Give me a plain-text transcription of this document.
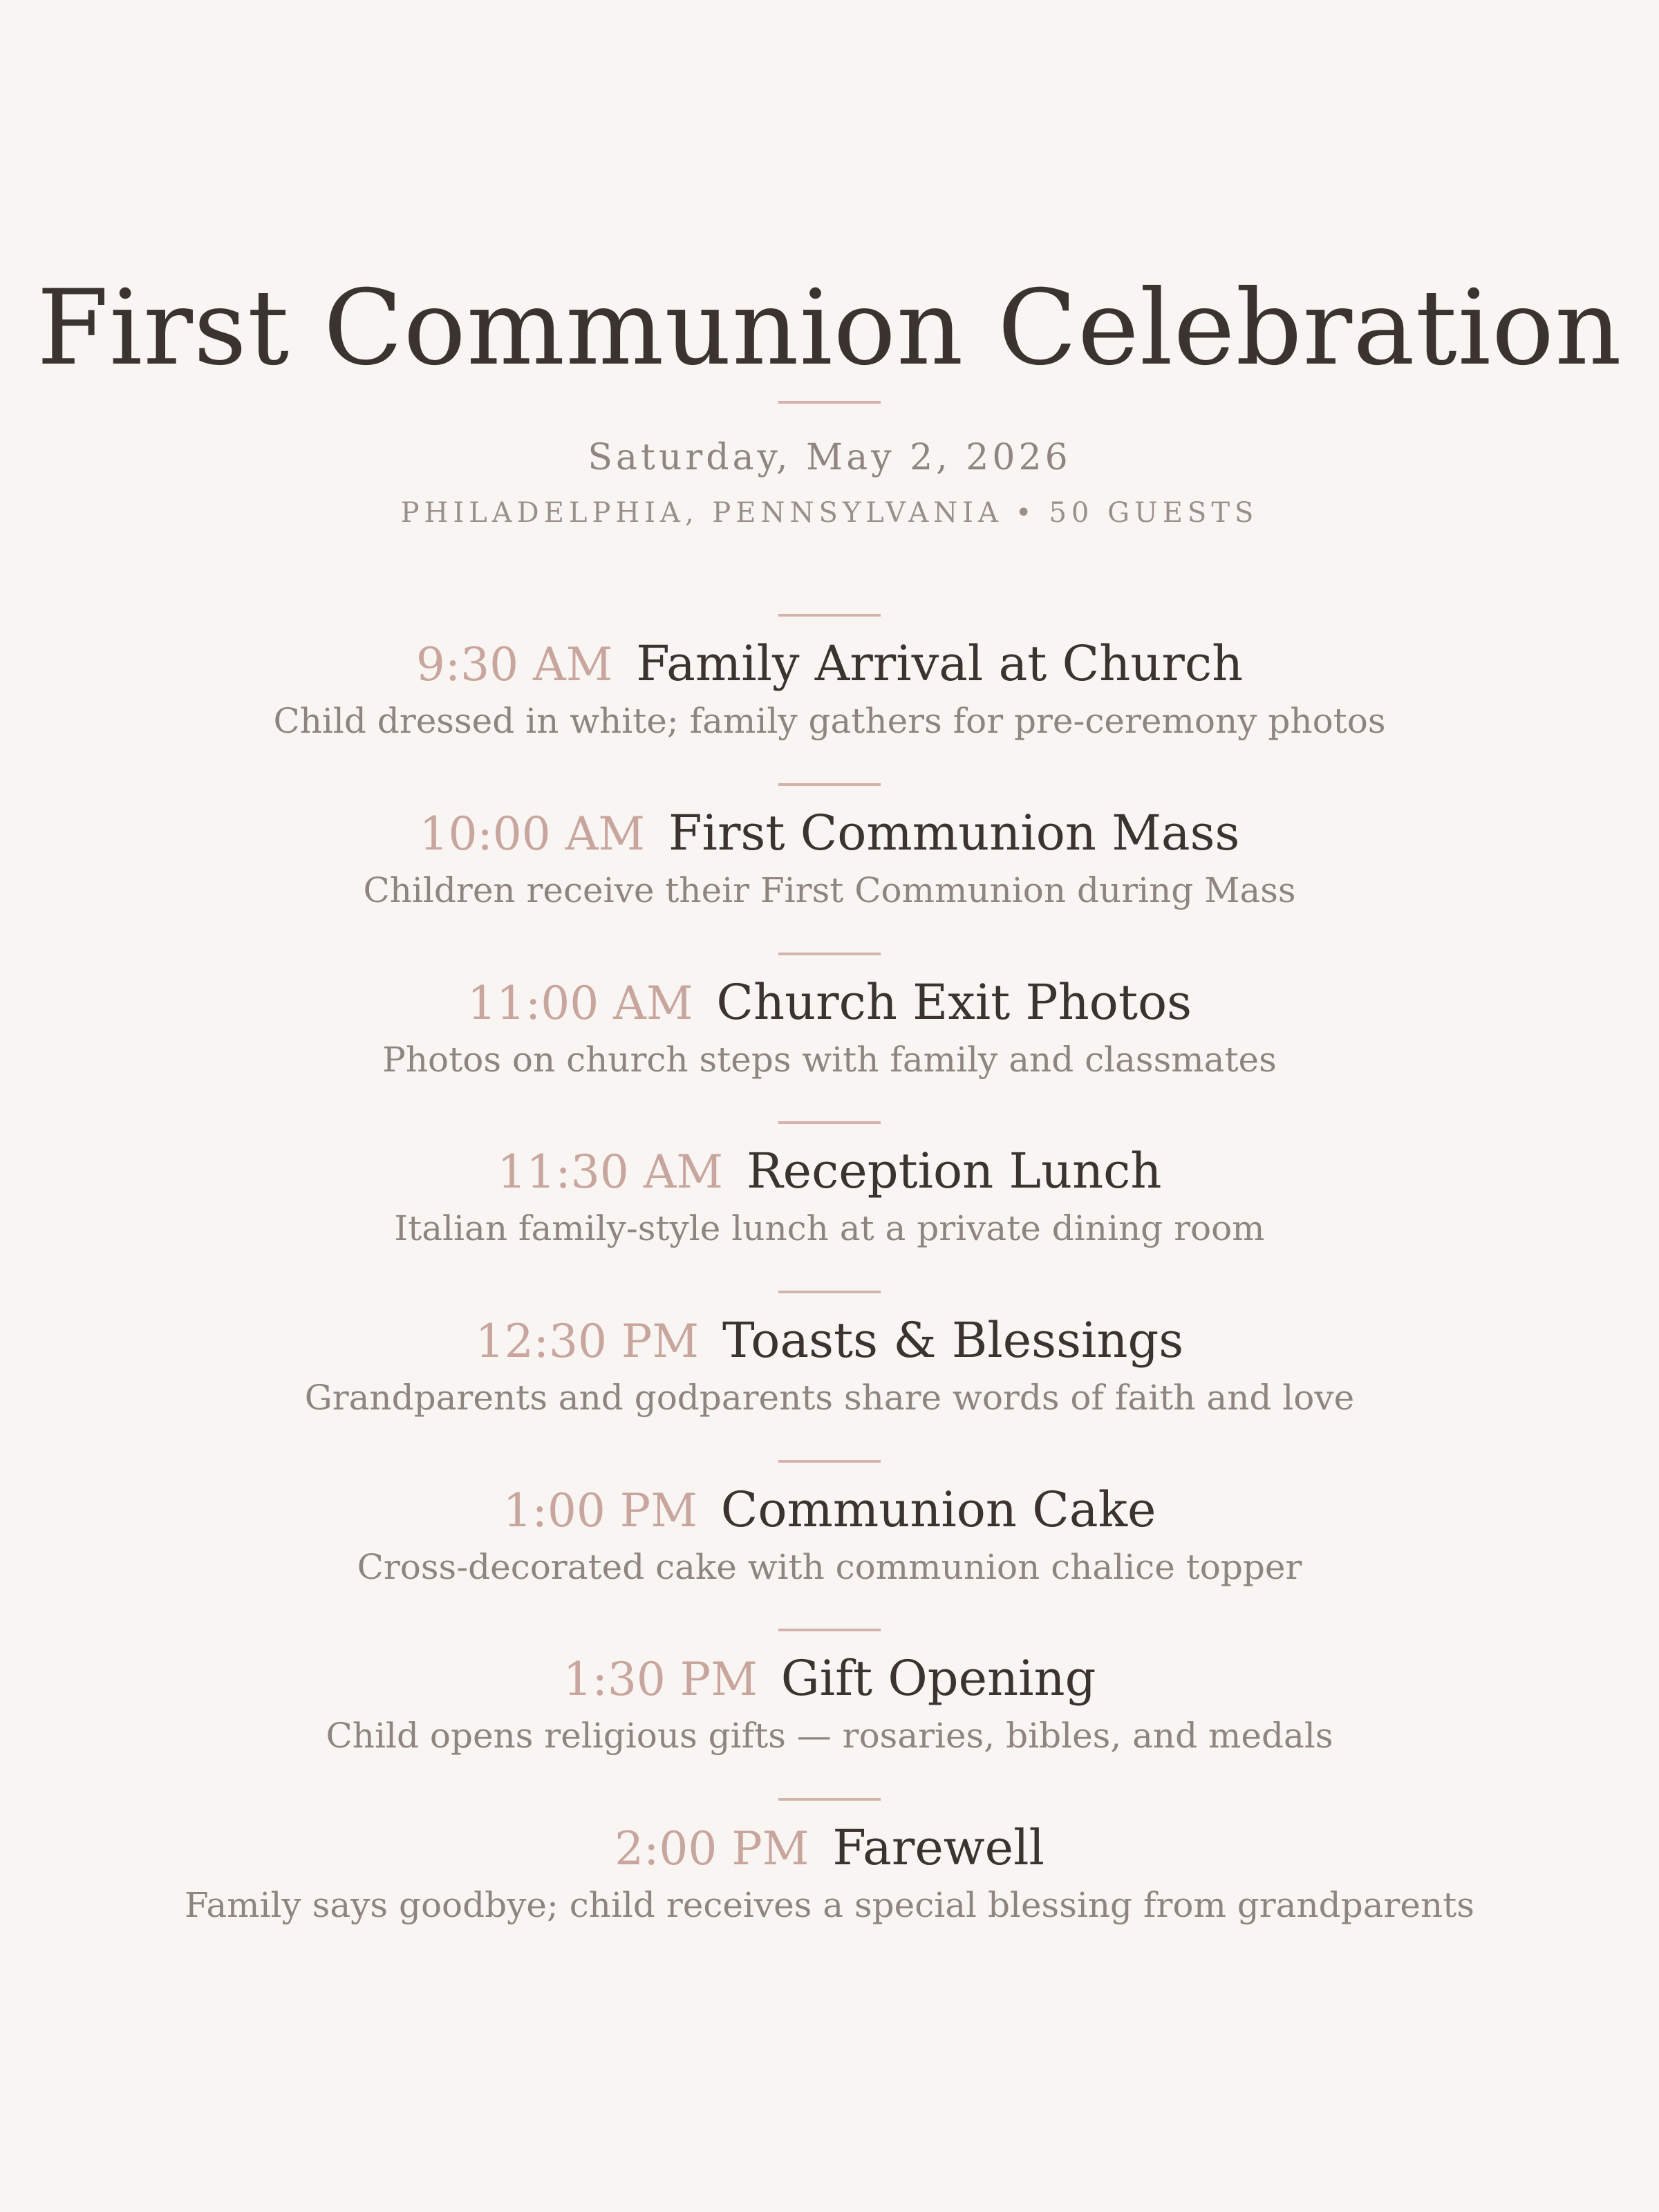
First Communion Celebration
Saturday, May 2, 2026
PHILADELPHIA, PENNSYLVANIA • 50 GUESTS
9:30 AM Family Arrival at Church
Child dressed in white; family gathers for pre-ceremony photos
10:00 AM First Communion Mass
Children receive their First Communion during Mass
11:00 AM Church Exit Photos
Photos on church steps with family and classmates
11:30 AM Reception Lunch
Italian family-style lunch at a private dining room
12:30 PM Toasts & Blessings
Grandparents and godparents share words of faith and love
1:00 PM Communion Cake
Cross-decorated cake with communion chalice topper
1:30 PM Gift Opening
Child opens religious gifts — rosaries, bibles, and medals
2:00 PM Farewell
Family says goodbye; child receives a special blessing from grandparents
